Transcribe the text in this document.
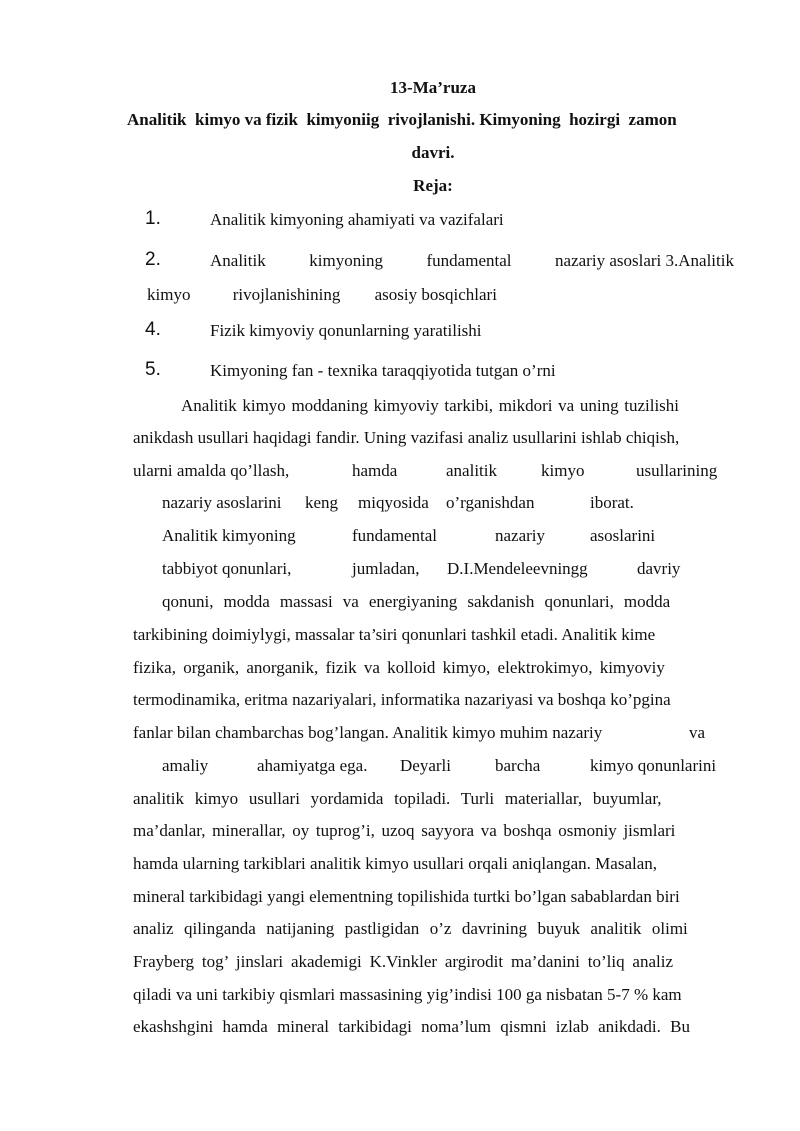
13-Ma’ruza
Analitik  kimyo va fizik  kimyoniig  rivojlanishi. Kimyoning  hozirgi  zamon
davri.
Reja:
1.	Analitik kimyoning ahamiyati va vazifalari
2.	Analitik	kimyoning	fundamental	nazariy asoslari 3.Analitik
kimyo rivojlanishining asosiy bosqichlari
4.	Fizik kimyoviy qonunlarning yaratilishi
5.	Kimyoning fan - texnika taraqqiyotida tutgan o’rni
Analitik kimyo moddaning kimyoviy tarkibi, mikdori va uning tuzilishi
anikdash usullari haqidagi fandir. Uning vazifasi analiz usullarini ishlab chiqish,
ularni amalda qo’llash,	hamda	analitik	kimyo	usullarining
nazariy asoslarini keng miqyosida o’rganishdan	iborat.
Analitik kimyoning	fundamental	nazariy	asoslarini
tabbiyot qonunlari,	jumladan, D.I.Mendeleevningg	davriy
qonuni, modda massasi va energiyaning sakdanish qonunlari, modda
tarkibining doimiylygi, massalar ta’siri qonunlari tashkil etadi. Analitik kime
fizika, organik, anorganik, fizik va kolloid kimyo, elektrokimyo, kimyoviy
termodinamika, eritma nazariyalari, informatika nazariyasi va boshqa ko’pgina
fanlar bilan chambarchas bog’langan. Analitik kimyo muhim nazariy	va
amaliy	ahamiyatga ega. Deyarli	barcha	kimyo qonunlarini
analitik kimyo usullari yordamida topiladi. Turli materiallar, buyumlar,
ma’danlar, minerallar, oy tuprog’i, uzoq sayyora va boshqa osmoniy jismlari
hamda ularning tarkiblari analitik kimyo usullari orqali aniqlangan. Masalan,
mineral tarkibidagi yangi elementning topilishida turtki bo’lgan sabablardan biri
analiz qilinganda natijaning pastligidan o’z davrining buyuk analitik olimi
Frayberg tog’ jinslari akademigi K.Vinkler argirodit ma’danini to’liq analiz
qiladi va uni tarkibiy qismlari massasining yig’indisi 100 ga nisbatan 5-7 % kam
ekashshgini hamda mineral tarkibidagi noma’lum qismni izlab anikdadi. Bu
